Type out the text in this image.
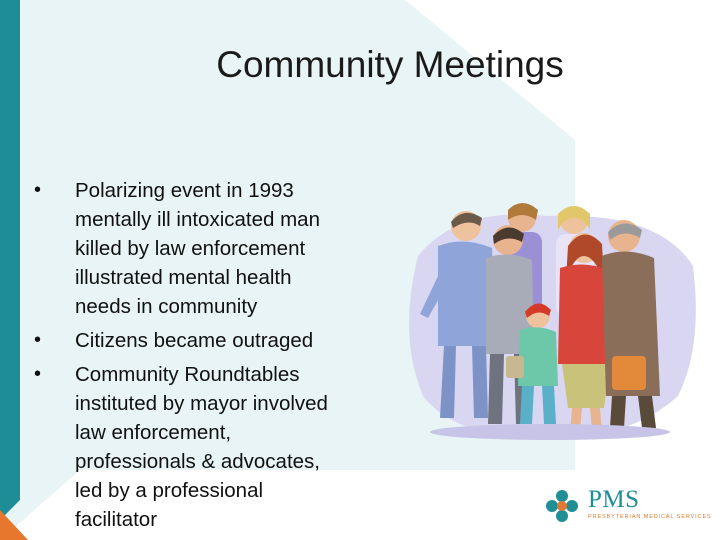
Community Meetings
• Polarizing event in 1993
mentally ill intoxicated man
killed by law enforcement
illustrated mental health
needs in community
• Citizens became outraged
• Community Roundtables
instituted by mayor involved
law enforcement,
professionals & advocates,
led by a professional
facilitator
PMS
PRESBYTERIAN MEDICAL SERVICES
